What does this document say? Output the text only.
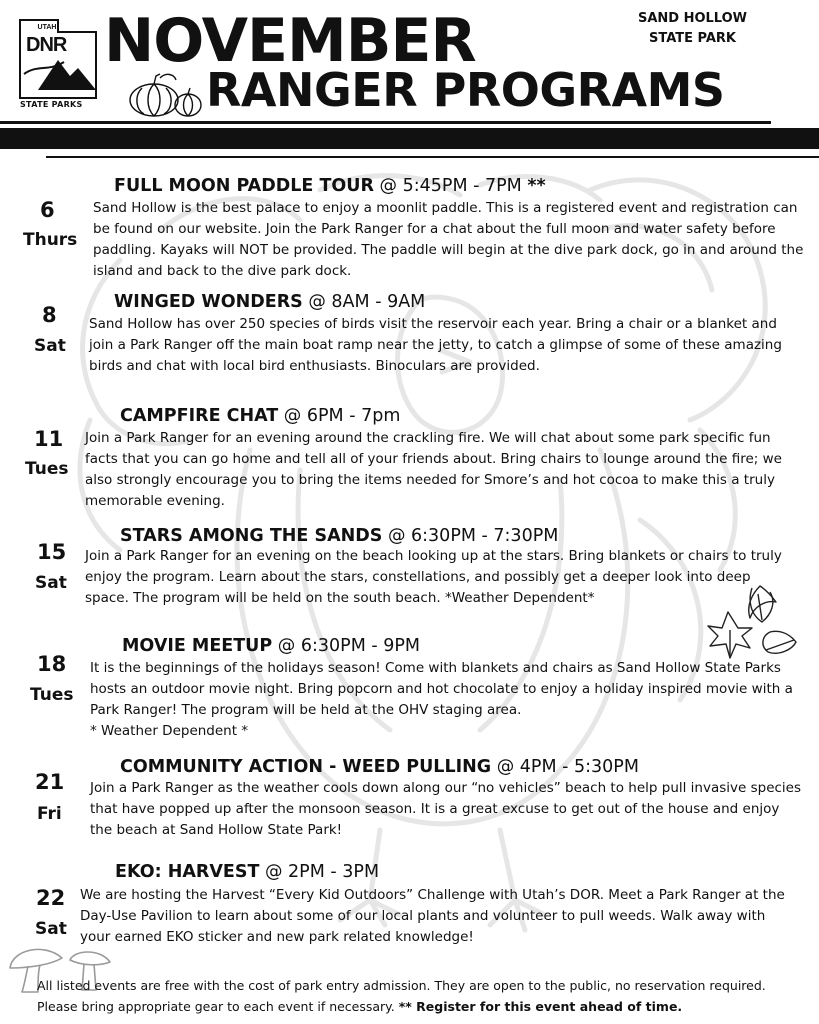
UTAH
DNR
STATE PARKS
NOVEMBER
RANGER PROGRAMS
SAND HOLLOW
STATE PARK
6
Thurs
FULL MOON PADDLE TOUR @ 5:45PM - 7PM **
Sand Hollow is the best palace to enjoy a moonlit paddle. This is a registered event and registration can be found on our website. Join the Park Ranger for a chat about the full moon and water safety before paddling. Kayaks will NOT be provided. The paddle will begin at the dive park dock, go in and around the island and back to the dive park dock.
8
Sat
WINGED WONDERS @ 8AM - 9AM
Sand Hollow has over 250 species of birds visit the reservoir each year. Bring a chair or a blanket and join a Park Ranger off the main boat ramp near the jetty, to catch a glimpse of some of these amazing birds and chat with local bird enthusiasts. Binoculars are provided.
11
Tues
CAMPFIRE CHAT @ 6PM - 7pm
Join a Park Ranger for an evening around the crackling fire. We will chat about some park specific fun facts that you can go home and tell all of your friends about. Bring chairs to lounge around the fire; we also strongly encourage you to bring the items needed for Smore’s and hot cocoa to make this a truly memorable evening.
15
Sat
STARS AMONG THE SANDS @ 6:30PM - 7:30PM
Join a Park Ranger for an evening on the beach looking up at the stars. Bring blankets or chairs to truly enjoy the program. Learn about the stars, constellations, and possibly get a deeper look into deep space. The program will be held on the south beach. *Weather Dependent*
18
Tues
MOVIE MEETUP @ 6:30PM - 9PM
It is the beginnings of the holidays season! Come with blankets and chairs as Sand Hollow State Parks hosts an outdoor movie night. Bring popcorn and hot chocolate to enjoy a holiday inspired movie with a Park Ranger! The program will be held at the OHV staging area.
* Weather Dependent *
21
Fri
COMMUNITY ACTION - WEED PULLING @ 4PM - 5:30PM
Join a Park Ranger as the weather cools down along our “no vehicles” beach to help pull invasive species that have popped up after the monsoon season. It is a great excuse to get out of the house and enjoy the beach at Sand Hollow State Park!
22
Sat
EKO: HARVEST @ 2PM - 3PM
We are hosting the Harvest “Every Kid Outdoors” Challenge with Utah’s DOR. Meet a Park Ranger at the Day-Use Pavilion to learn about some of our local plants and volunteer to pull weeds. Walk away with your earned EKO sticker and new park related knowledge!
All listed events are free with the cost of park entry admission. They are open to the public, no reservation required. Please bring appropriate gear to each event if necessary. ** Register for this event ahead of time.
